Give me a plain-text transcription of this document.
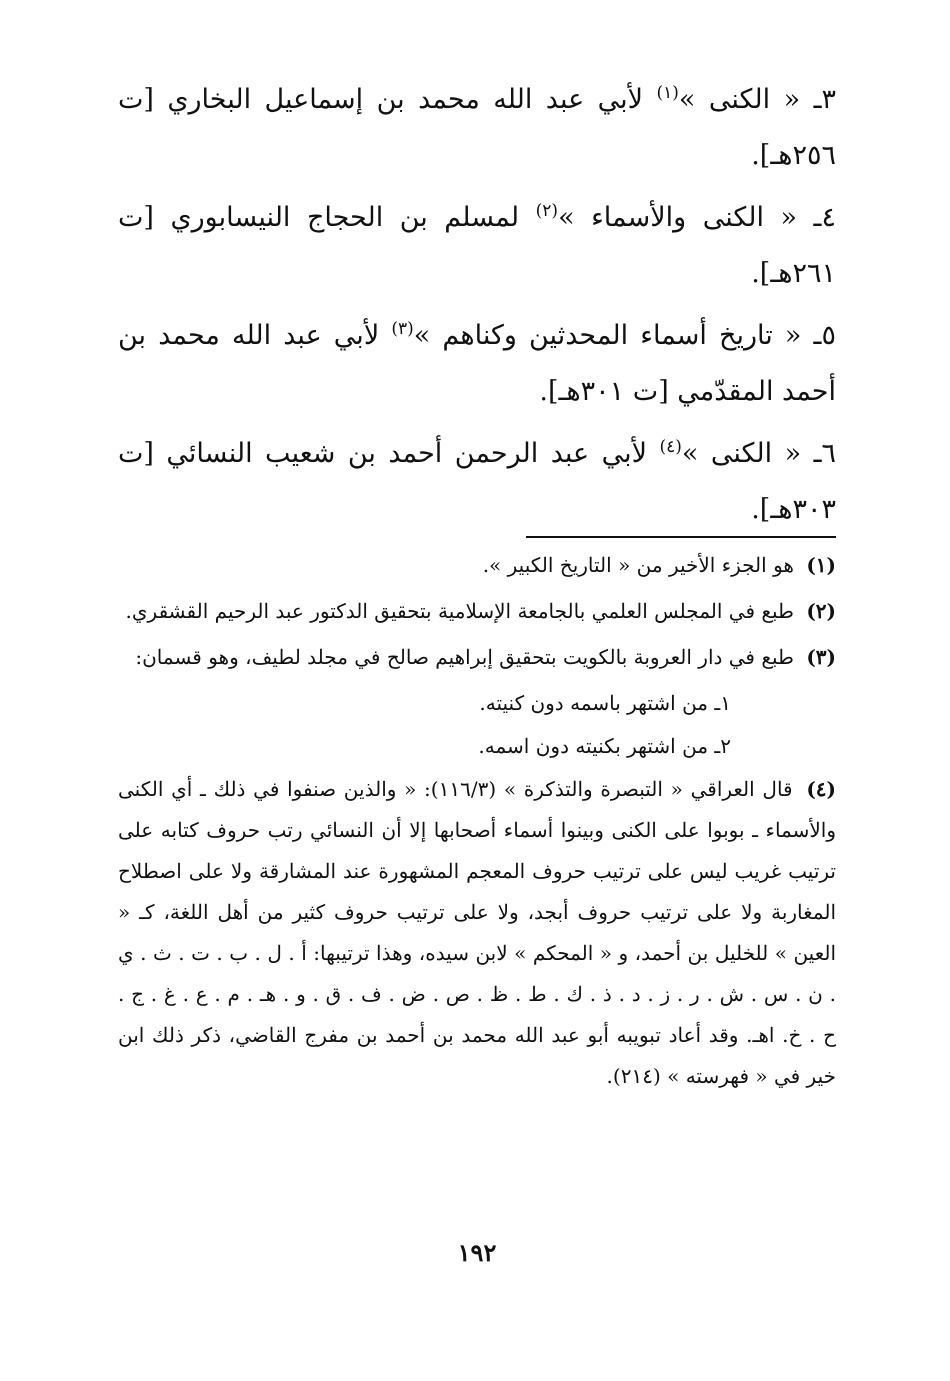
٣ـ « الكنى »$^{(١)}$ لأبي عبد الله محمد بن إسماعيل البخاري [ت ٢٥٦هـ].

٤ـ « الكنى والأسماء »$^{(٢)}$ لمسلم بن الحجاج النيسابوري [ت ٢٦١هـ].

٥ـ « تاريخ أسماء المحدثين وكناهم »$^{(٣)}$ لأبي عبد الله محمد بن أحمد المقدّمي [ت ٣٠١هـ].

٦ـ « الكنى »$^{(٤)}$ لأبي عبد الرحمن أحمد بن شعيب النسائي [ت ٣٠٣هـ].

(١) هو الجزء الأخير من « التاريخ الكبير ».

(٢) طبع في المجلس العلمي بالجامعة الإسلامية بتحقيق الدكتور عبد الرحيم القشقري.

(٣) طبع في دار العروبة بالكويت بتحقيق إبراهيم صالح في مجلد لطيف، وهو قسمان:

١ـ من اشتهر باسمه دون كنيته.

٢ـ من اشتهر بكنيته دون اسمه.

(٤) قال العراقي « التبصرة والتذكرة » (١١٦/٣): « والذين صنفوا في ذلك ـ أي الكنى والأسماء ـ بوبوا على الكنى وبينوا أسماء أصحابها إلا أن النسائي رتب حروف كتابه على ترتيب غريب ليس على ترتيب حروف المعجم المشهورة عند المشارقة ولا على اصطلاح المغاربة ولا على ترتيب حروف أبجد، ولا على ترتيب حروف كثير من أهل اللغة، كـ « العين » للخليل بن أحمد، و « المحكم » لابن سيده، وهذا ترتيبها: أ . ل . ب . ت . ث . ي . ن . س . ش . ر . ز . د . ذ . ك . ط . ظ . ص . ض . ف . ق . و . هـ . م . ع . غ . ج . ح . خ. اهـ. وقد أعاد تبويبه أبو عبد الله محمد بن أحمد بن مفرج القاضي، ذكر ذلك ابن خير في « فهرسته » (٢١٤).

١٩٢
